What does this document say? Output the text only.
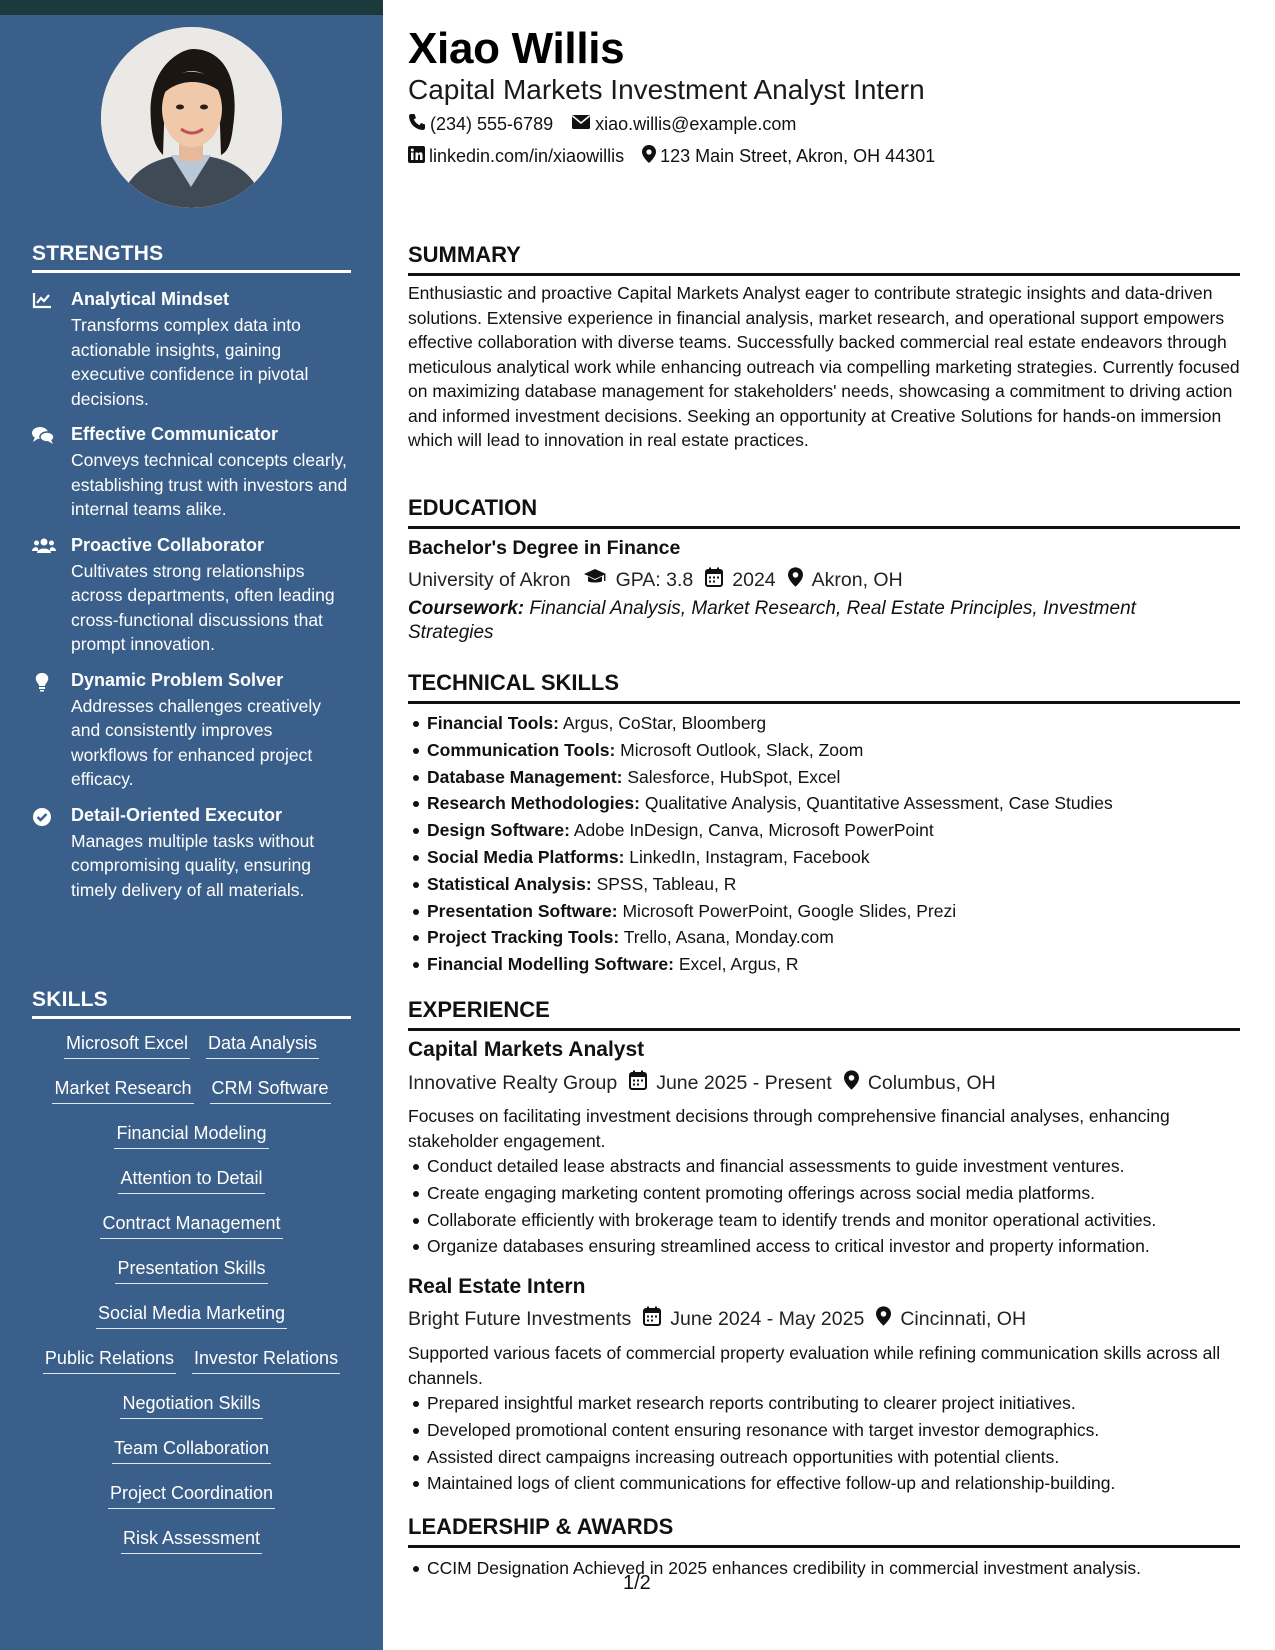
STRENGTHS
Analytical Mindset
Transforms complex data into actionable insights, gaining executive confidence in pivotal decisions.
Effective Communicator
Conveys technical concepts clearly, establishing trust with investors and internal teams alike.
Proactive Collaborator
Cultivates strong relationships across departments, often leading cross-functional discussions that prompt innovation.
Dynamic Problem Solver
Addresses challenges creatively and consistently improves workflows for enhanced project efficacy.
Detail-Oriented Executor
Manages multiple tasks without compromising quality, ensuring timely delivery of all materials.
SKILLS
Microsoft Excel Data Analysis
Market Research CRM Software
Financial Modeling
Attention to Detail
Contract Management
Presentation Skills
Social Media Marketing
Public Relations Investor Relations
Negotiation Skills
Team Collaboration
Project Coordination
Risk Assessment
Xiao Willis
Capital Markets Investment Analyst Intern
(234) 555-6789 xiao.willis@example.com
linkedin.com/in/xiaowillis 123 Main Street, Akron, OH 44301
SUMMARY
Enthusiastic and proactive Capital Markets Analyst eager to contribute strategic insights and data-driven solutions. Extensive experience in financial analysis, market research, and operational support empowers effective collaboration with diverse teams. Successfully backed commercial real estate endeavors through meticulous analytical work while enhancing outreach via compelling marketing strategies. Currently focused on maximizing database management for stakeholders' needs, showcasing a commitment to driving action and informed investment decisions. Seeking an opportunity at Creative Solutions for hands-on immersion which will lead to innovation in real estate practices.
EDUCATION
Bachelor's Degree in Finance
University of Akron GPA: 3.8 2024 Akron, OH
Coursework: Financial Analysis, Market Research, Real Estate Principles, Investment Strategies
TECHNICAL SKILLS
Financial Tools: Argus, CoStar, Bloomberg
Communication Tools: Microsoft Outlook, Slack, Zoom
Database Management: Salesforce, HubSpot, Excel
Research Methodologies: Qualitative Analysis, Quantitative Assessment, Case Studies
Design Software: Adobe InDesign, Canva, Microsoft PowerPoint
Social Media Platforms: LinkedIn, Instagram, Facebook
Statistical Analysis: SPSS, Tableau, R
Presentation Software: Microsoft PowerPoint, Google Slides, Prezi
Project Tracking Tools: Trello, Asana, Monday.com
Financial Modelling Software: Excel, Argus, R
EXPERIENCE
Capital Markets Analyst
Innovative Realty Group June 2025 - Present Columbus, OH
Focuses on facilitating investment decisions through comprehensive financial analyses, enhancing stakeholder engagement.
Conduct detailed lease abstracts and financial assessments to guide investment ventures.
Create engaging marketing content promoting offerings across social media platforms.
Collaborate efficiently with brokerage team to identify trends and monitor operational activities.
Organize databases ensuring streamlined access to critical investor and property information.
Real Estate Intern
Bright Future Investments June 2024 - May 2025 Cincinnati, OH
Supported various facets of commercial property evaluation while refining communication skills across all channels.
Prepared insightful market research reports contributing to clearer project initiatives.
Developed promotional content ensuring resonance with target investor demographics.
Assisted direct campaigns increasing outreach opportunities with potential clients.
Maintained logs of client communications for effective follow-up and relationship-building.
LEADERSHIP & AWARDS
CCIM Designation Achieved in 2025 enhances credibility in commercial investment analysis.
1/2
